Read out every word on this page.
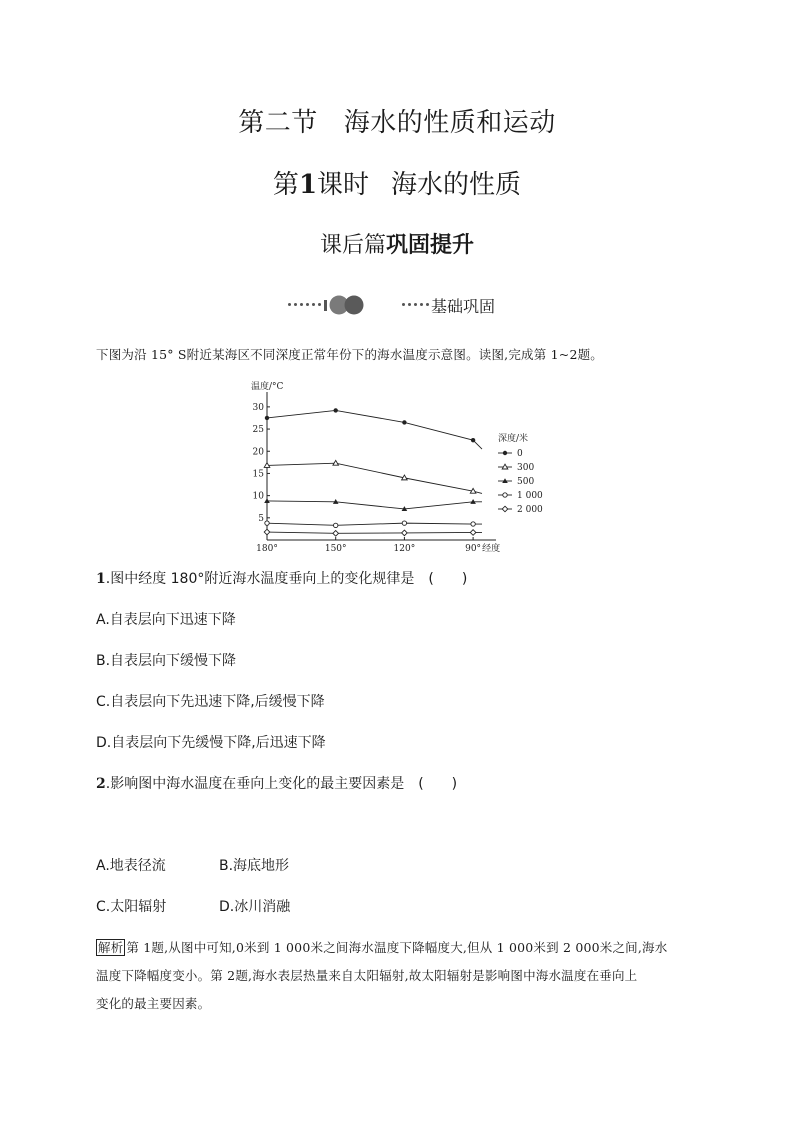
第二节 海水的性质和运动
第1课时 海水的性质
课后篇巩固提升
基础巩固
下图为沿 15° S附近某海区不同深度正常年份下的海水温度示意图。读图,完成第 1~2题。
5
10
15
20
25
30
温度/°C
180°	150°	120°	90° 经度
深度/米
0
300
500
1 000
2 000
1.图中经度 180°附近海水温度垂向上的变化规律是 (　　)
A.自表层向下迅速下降
B.自表层向下缓慢下降
C.自表层向下先迅速下降,后缓慢下降
D.自表层向下先缓慢下降,后迅速下降
2.影响图中海水温度在垂向上变化的最主要因素是 (　　)
A.地表径流	B.海底地形
C.太阳辐射	D.冰川消融
解析 第 1题,从图中可知,0米到 1 000米之间海水温度下降幅度大,但从 1 000米到 2 000米之间,海水
温度下降幅度变小。第 2题,海水表层热量来自太阳辐射,故太阳辐射是影响图中海水温度在垂向上
变化的最主要因素。
